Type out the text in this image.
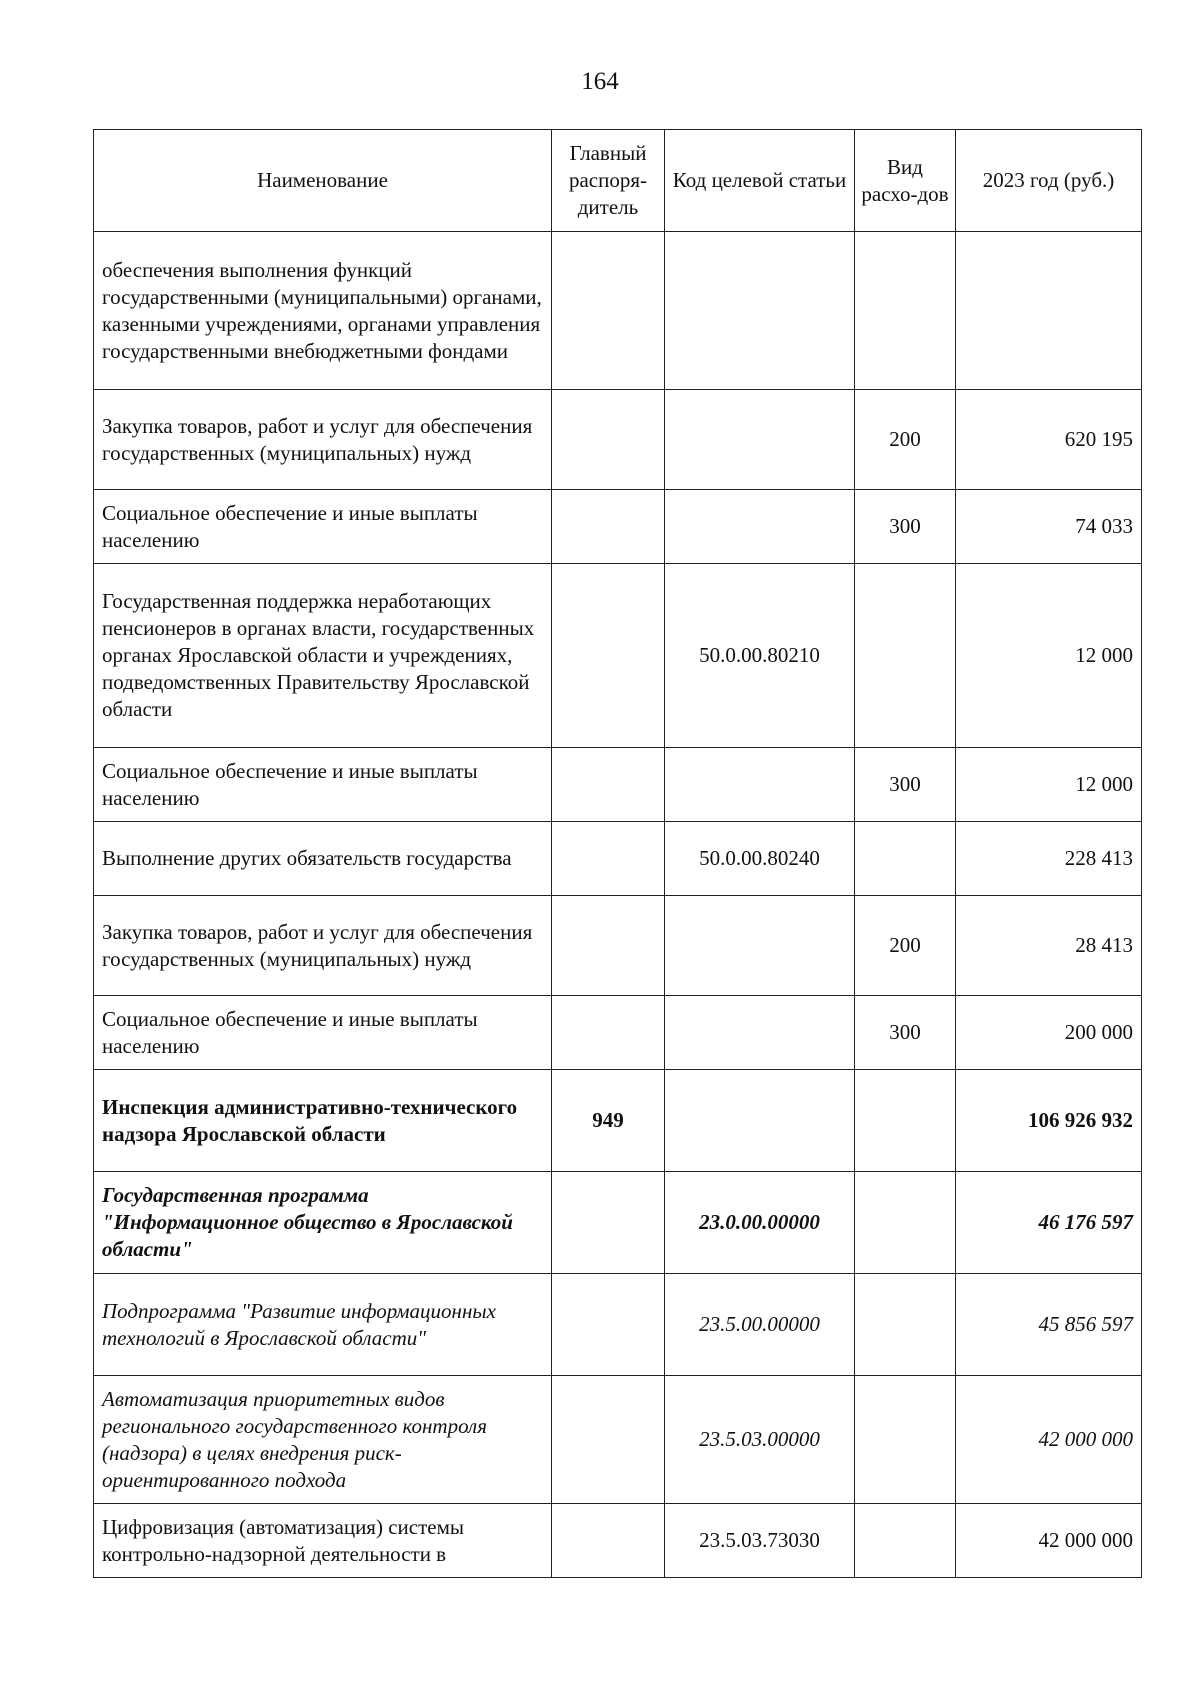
164
Наименование	Главный распоря-дитель	Код целевой статьи	Вид расхо-дов	2023 год (руб.)
обеспечения выполнения функций государственными (муниципальными) органами, казенными учреждениями, органами управления государственными внебюджетными фондами				
Закупка товаров, работ и услуг для обеспечения государственных (муниципальных) нужд			200	620 195
Социальное обеспечение и иные выплаты населению			300	74 033
Государственная поддержка неработающих пенсионеров в органах власти, государственных органах Ярославской области и учреждениях, подведомственных Правительству Ярославской области		50.0.00.80210		12 000
Социальное обеспечение и иные выплаты населению			300	12 000
Выполнение других обязательств государства		50.0.00.80240		228 413
Закупка товаров, работ и услуг для обеспечения государственных (муниципальных) нужд			200	28 413
Социальное обеспечение и иные выплаты населению			300	200 000
Инспекция административно-технического надзора Ярославской области	949			106 926 932
Государственная программа "Информационное общество в Ярославской области"		23.0.00.00000		46 176 597
Подпрограмма "Развитие информационных технологий в Ярославской области"		23.5.00.00000		45 856 597
Автоматизация приоритетных видов регионального государственного контроля (надзора) в целях внедрения риск-ориентированного подхода		23.5.03.00000		42 000 000
Цифровизация (автоматизация) системы контрольно-надзорной деятельности в		23.5.03.73030		42 000 000
